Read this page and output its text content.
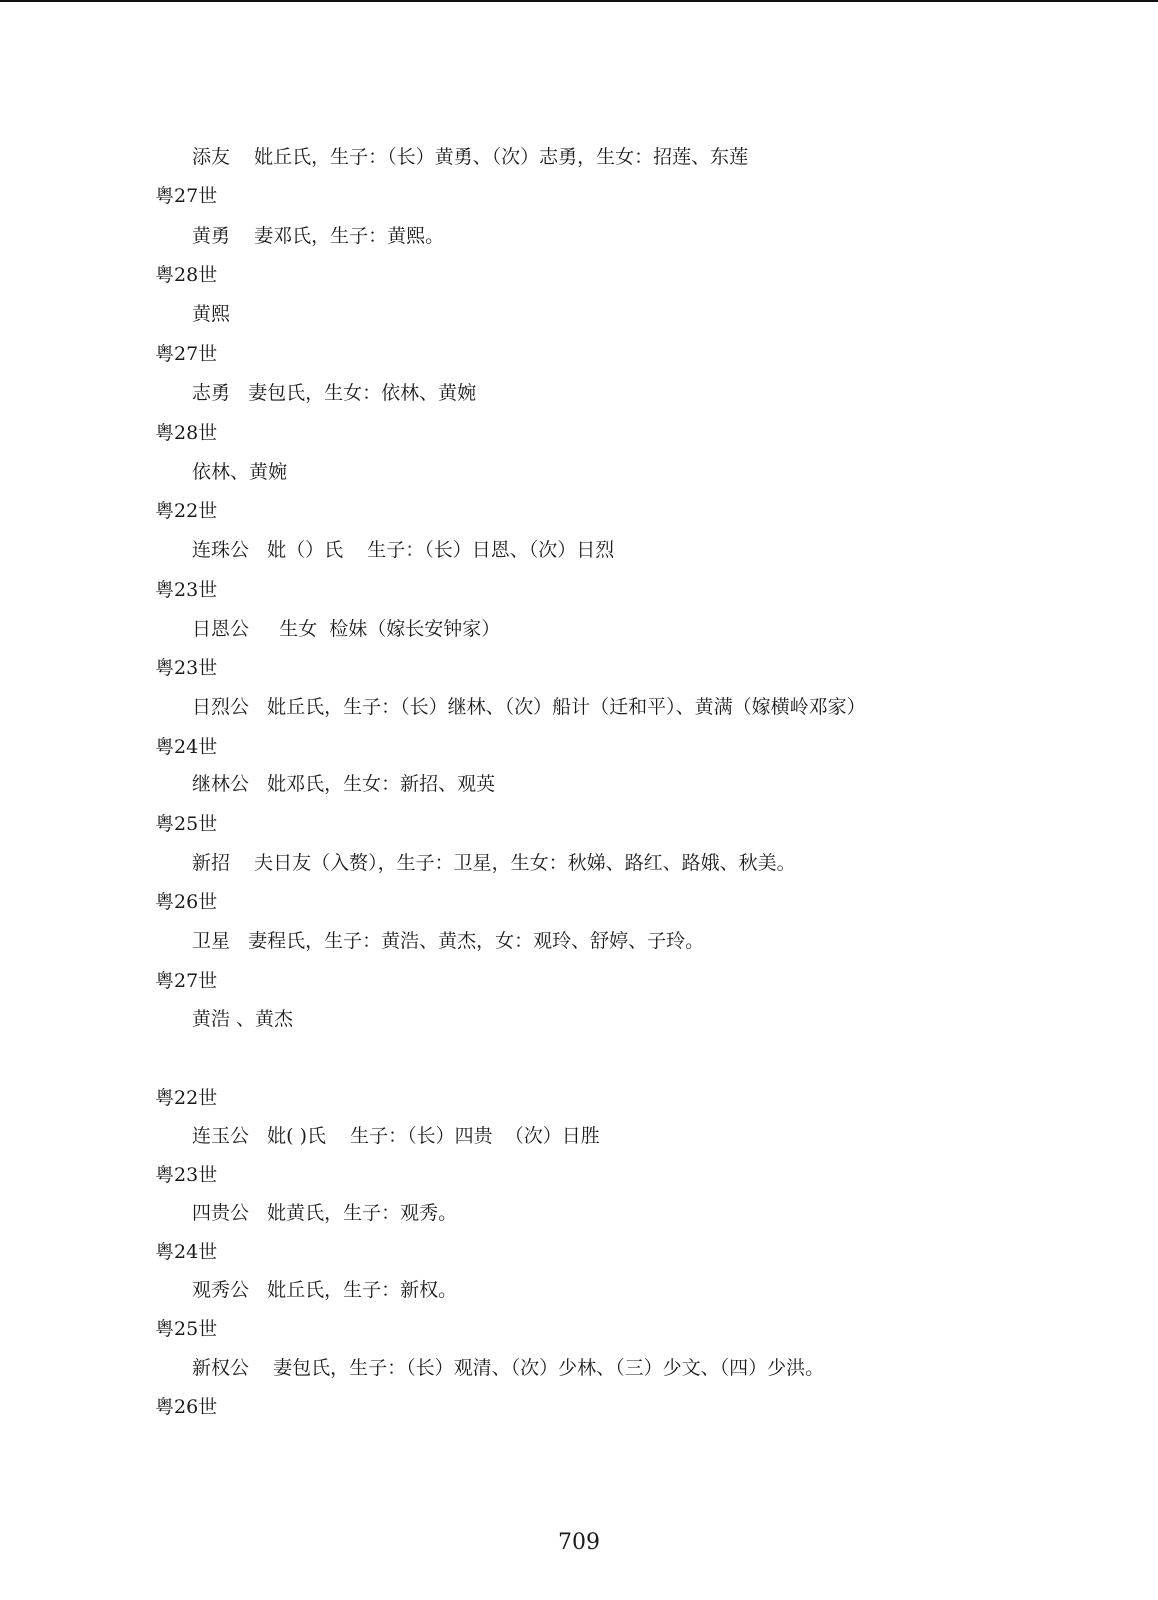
添友    妣丘氏，生子：（长）黄勇、（次）志勇，生女：招莲、东莲
粤27世
黄勇    妻邓氏，生子：黄熙。
粤28世
黄熙
粤27世
志勇   妻包氏，生女：依林、黄婉
粤28世
依林、黄婉
粤22世
连珠公   妣（）氏    生子：（长）日恩、（次）日烈
粤23世
日恩公     生女  检妹（嫁长安钟家）
粤23世
日烈公   妣丘氏，生子：（长）继林、（次）船计（迁和平）、黄满（嫁横岭邓家）
粤24世
继林公   妣邓氏，生女：新招、观英
粤25世
新招    夫日友（入赘），生子：卫星，生女：秋娣、路红、路娥、秋美。
粤26世
卫星   妻程氏，生子：黄浩、黄杰，女：观玲、舒婷、子玲。
粤27世
黄浩 、黄杰
粤22世
连玉公   妣( )氏    生子：（长）四贵  （次）日胜
粤23世
四贵公   妣黄氏，生子：观秀。
粤24世
观秀公   妣丘氏，生子：新权。
粤25世
新权公    妻包氏，生子：（长）观清、（次）少林、（三）少文、（四）少洪。
粤26世
709
